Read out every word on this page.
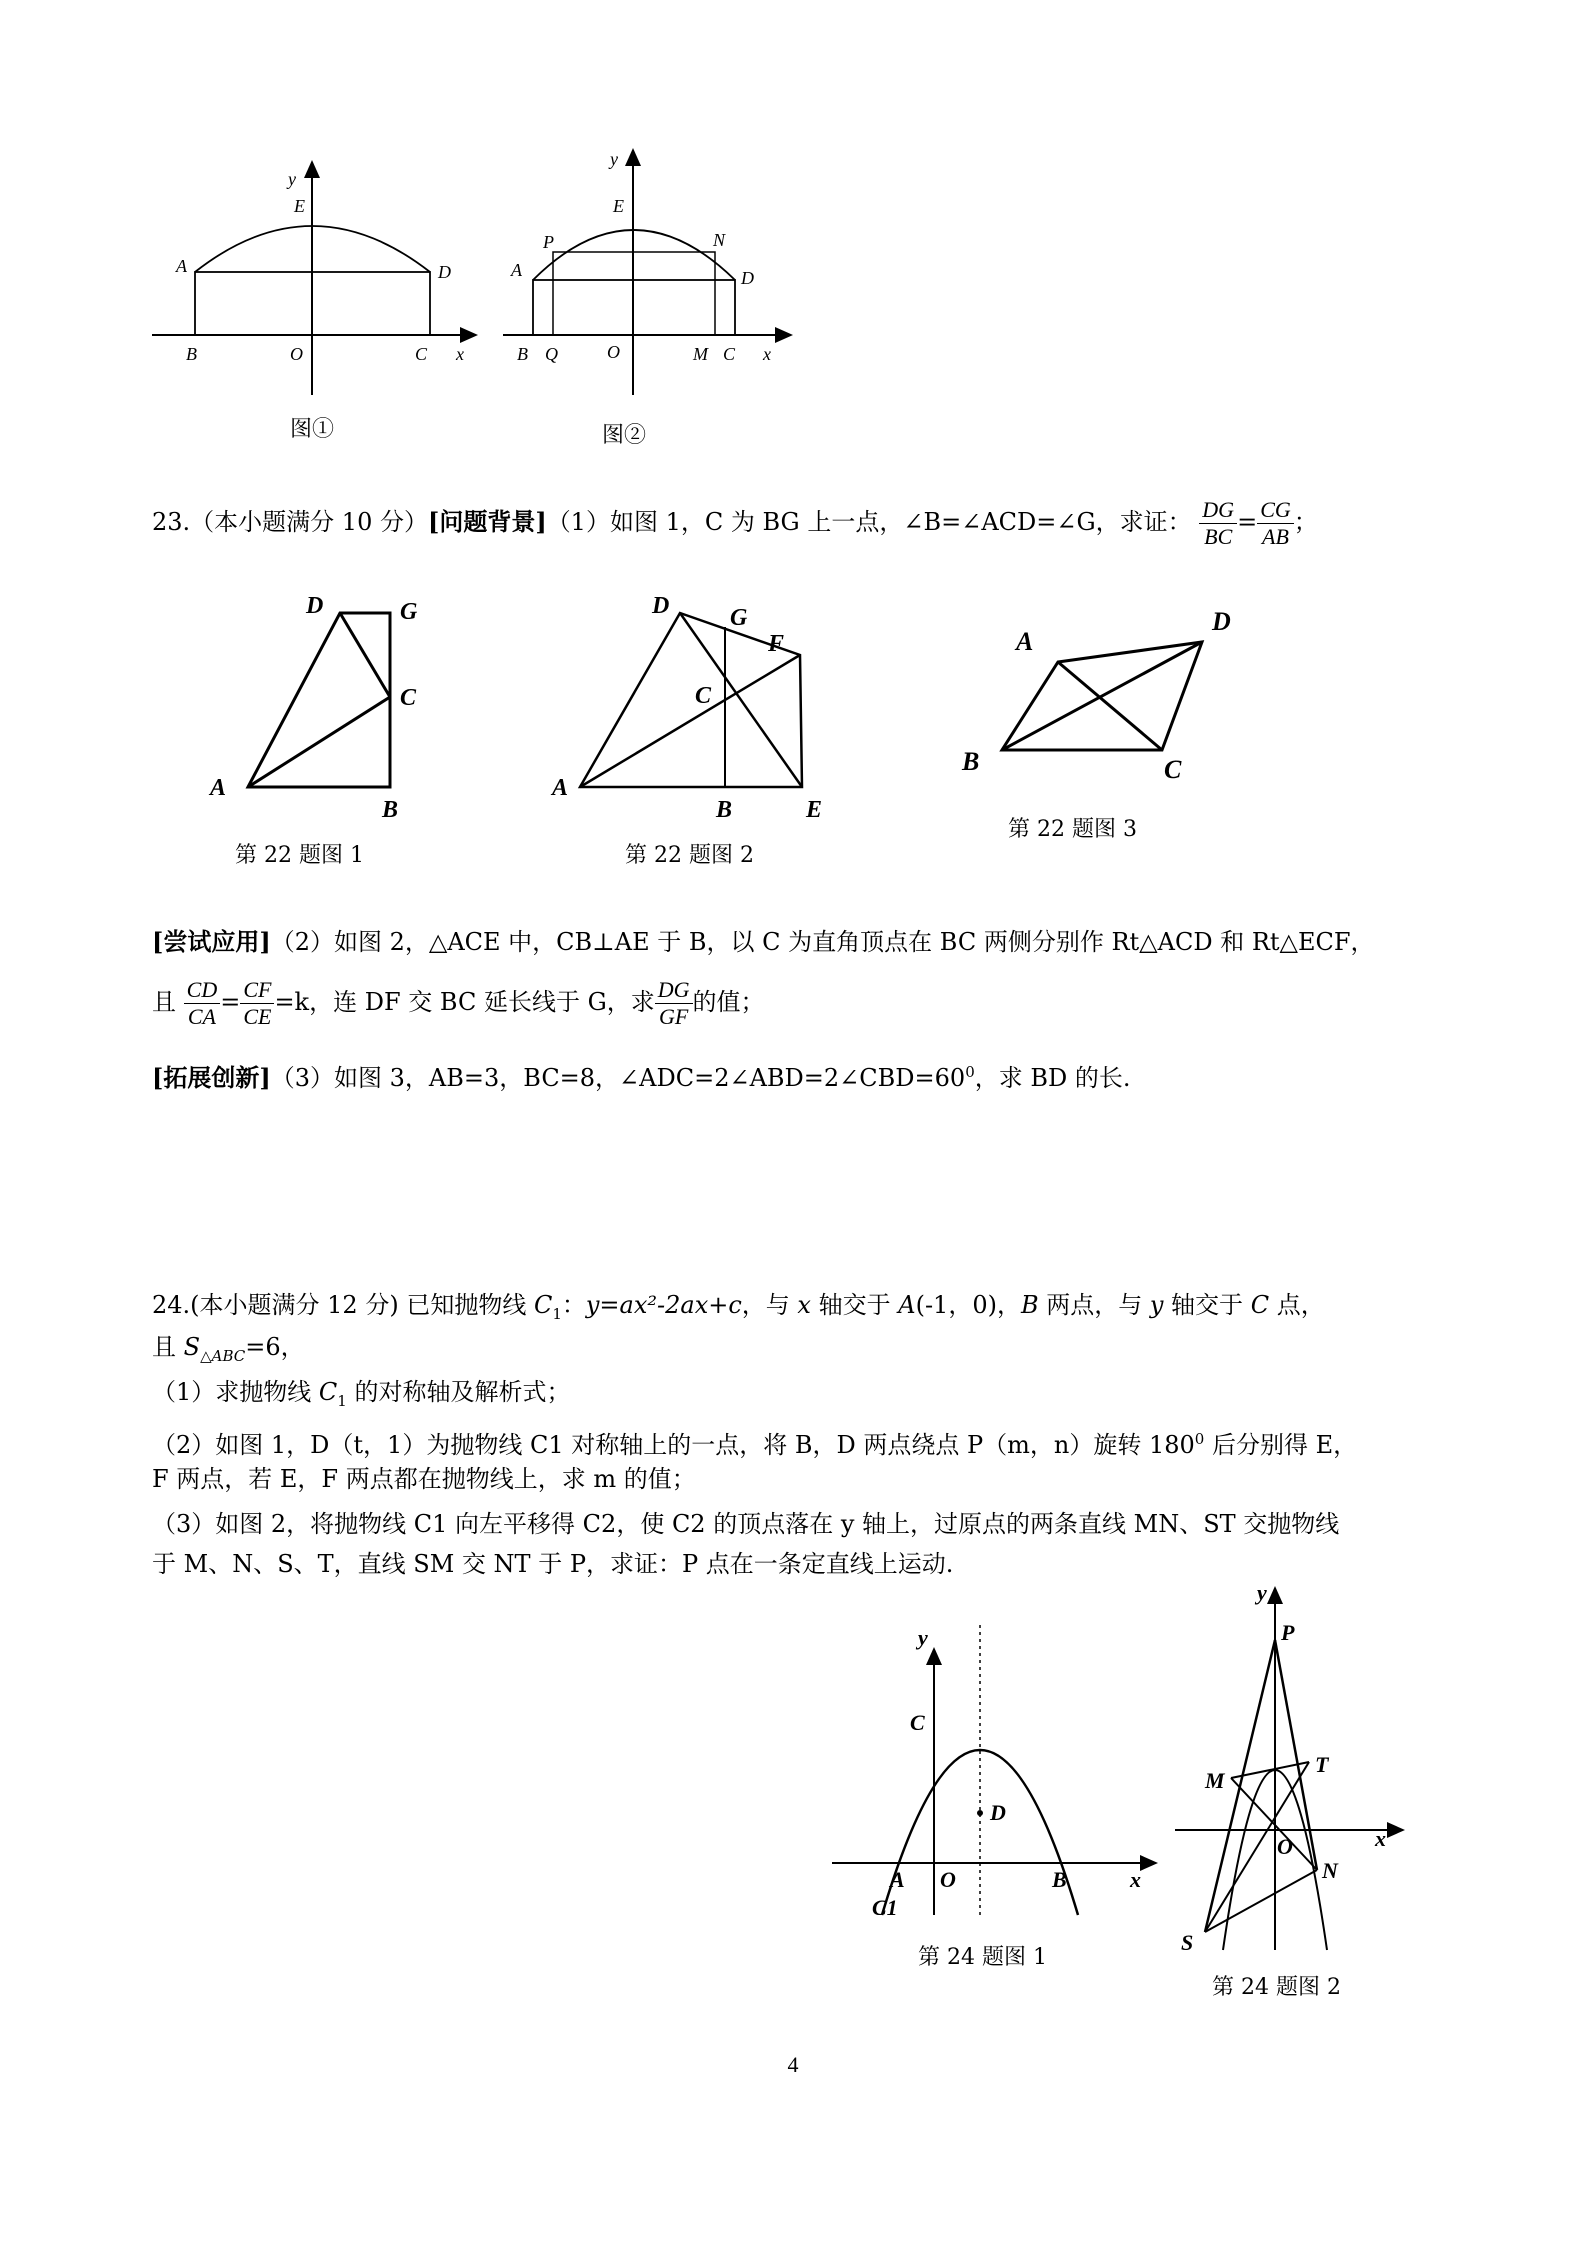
y
E
A	D
B	O	C x
图①
y
E
P	N
A	D
B Q	O	M C x
图②
23.（本小题满分 10 分）[问题背景]（1）如图 1，C 为 BG 上一点，∠B=∠ACD=∠G，求证： $\frac{DG}{BC} = \frac{CG}{AB}$ ；
D	G
C
A
B
第 22 题图 1
D	G
F
C
A
B	E
第 22 题图 2
A
D
B	C
第 22 题图 3
[尝试应用]（2）如图 2，△ACE 中，CB⊥AE 于 B，以 C 为直角顶点在 BC 两侧分别作 Rt△ACD 和 Rt△ECF，
且 $\frac{CD}{CA} = \frac{CF}{CE} =k$，连 DF 交 BC 延长线于 G，求 $\frac{DG}{GF}$ 的值；
[拓展创新]（3）如图 3，AB=3，BC=8，$\angle ADC=2\angle ABD=2\angle CBD=60^0$，求 BD 的长.
24.(本小题满分 12 分) 已知抛物线 $C_1$：y=ax²-2ax+c，与 x 轴交于 A(-1，0)，B 两点，与 y 轴交于 C 点，
且 $S_{\triangle ABC}=6$，
（1）求抛物线 $C_1$ 的对称轴及解析式；
（2）如图 1，D（t，1）为抛物线 C1 对称轴上的一点，将 B，D 两点绕点 P（m，n）旋转 $180^0$ 后分别得 E，
F 两点，若 E，F 两点都在抛物线上，求 m 的值；
（3）如图 2，将抛物线 C1 向左平移得 C2，使 C2 的顶点落在 y 轴上，过原点的两条直线 MN、ST 交抛物线
于 M、N、S、T，直线 SM 交 NT 于 P，求证：P 点在一条定直线上运动.
y
C
D
A O	B	x
C1
第 24 题图 1
y
P
M
T
x
O
N
S
第 24 题图 2
4
